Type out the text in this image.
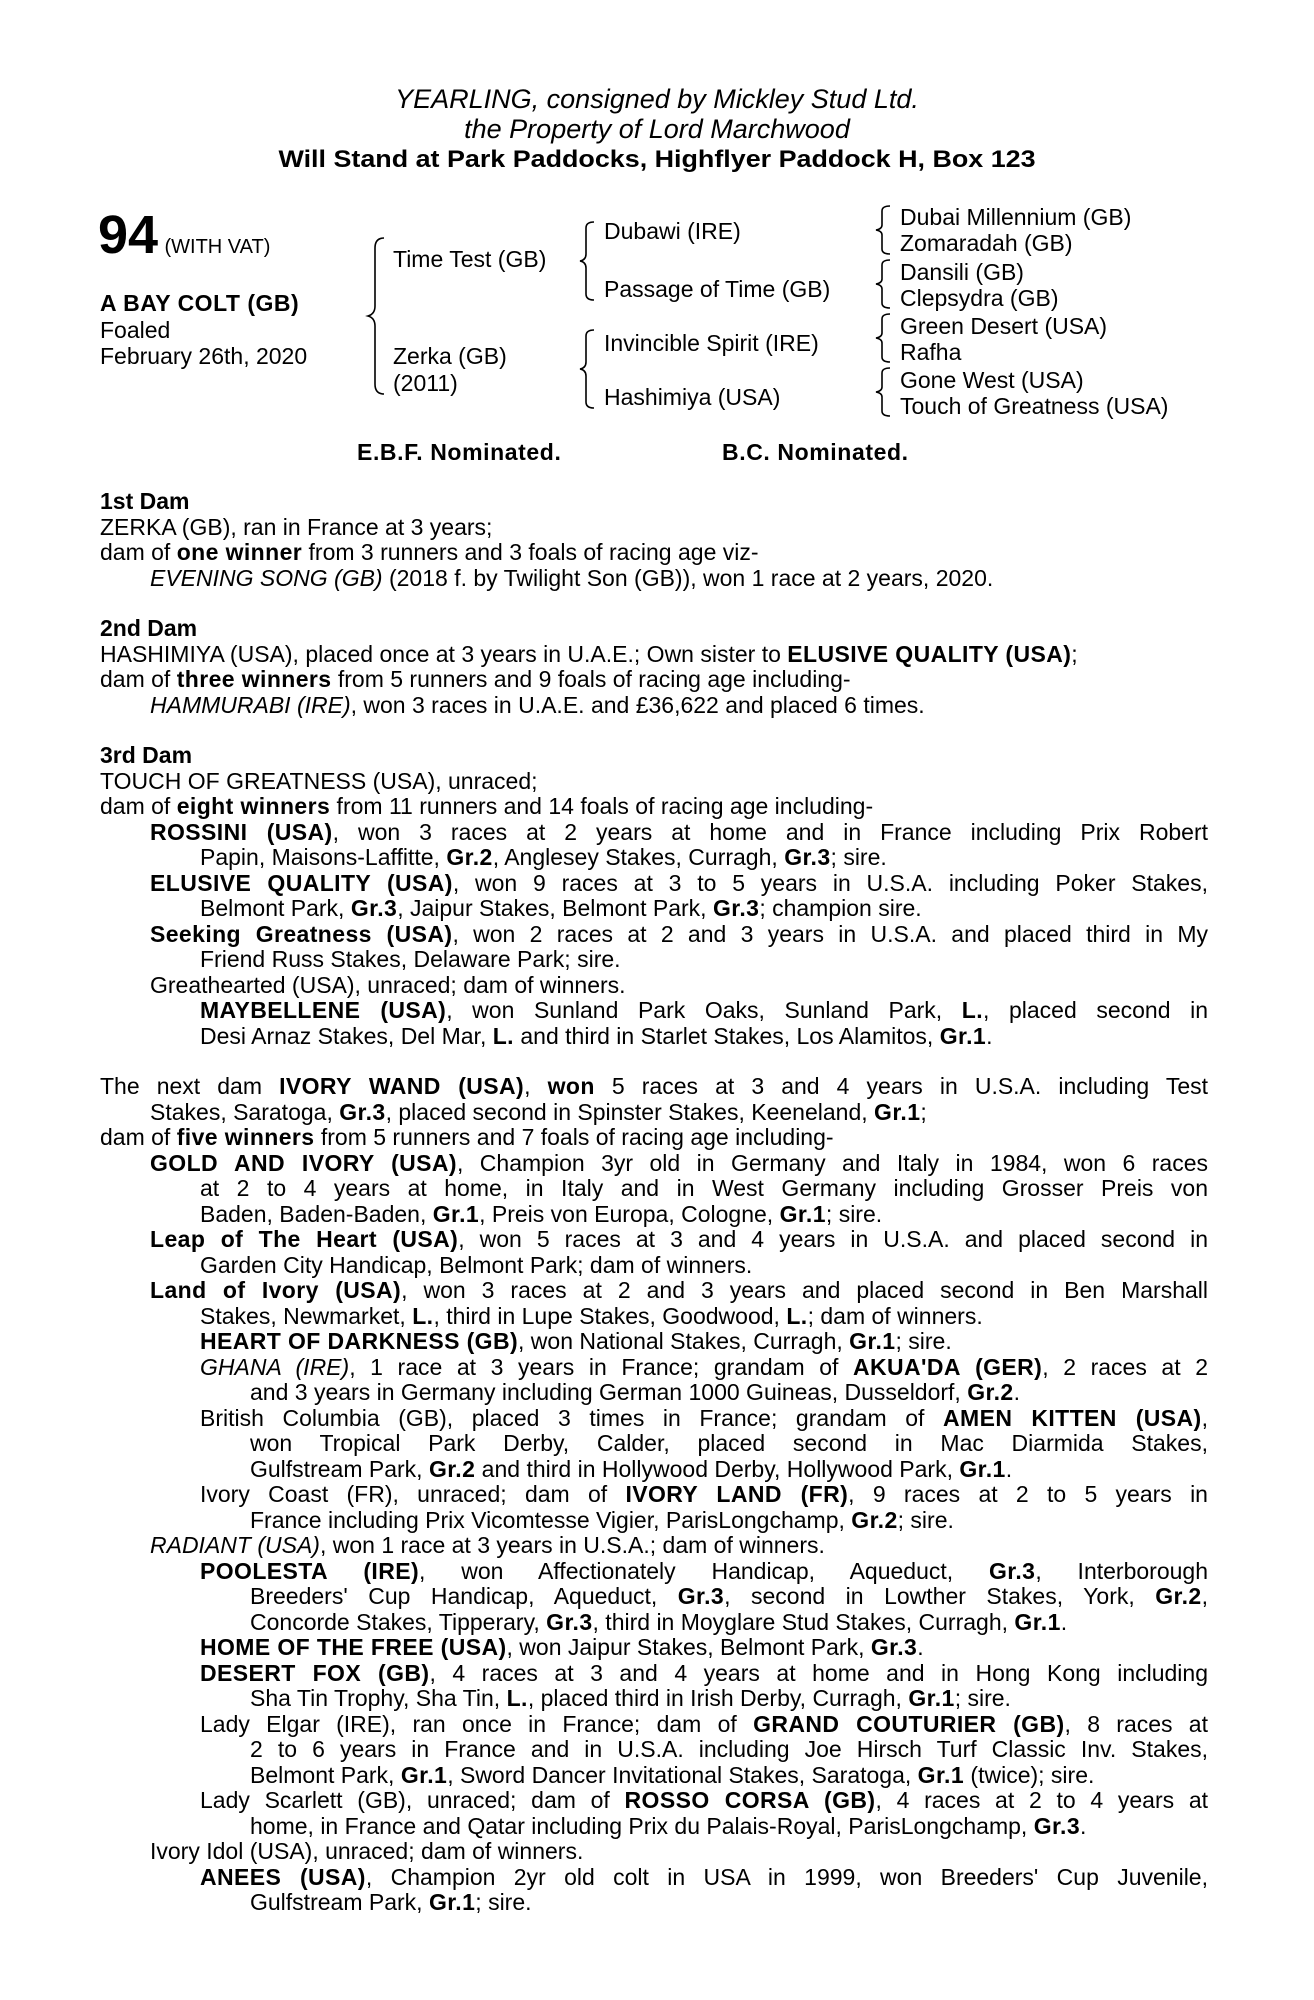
YEARLING, consigned by Mickley Stud Ltd.
the Property of Lord Marchwood
Will Stand at Park Paddocks, Highflyer Paddock H, Box 123
94 (WITH VAT)
A BAY COLT (GB)
Foaled
February 26th, 2020
Time Test (GB)
Zerka (GB)
(2011)
Dubawi (IRE)
Passage of Time (GB)
Invincible Spirit (IRE)
Hashimiya (USA)
Dubai Millennium (GB)
Zomaradah (GB)
Dansili (GB)
Clepsydra (GB)
Green Desert (USA)
Rafha
Gone West (USA)
Touch of Greatness (USA)
E.B.F. Nominated.	B.C. Nominated.
1st Dam
ZERKA (GB), ran in France at 3 years;
dam of one winner from 3 runners and 3 foals of racing age viz-
EVENING SONG (GB) (2018 f. by Twilight Son (GB)), won 1 race at 2 years, 2020.
2nd Dam
HASHIMIYA (USA), placed once at 3 years in U.A.E.; Own sister to ELUSIVE QUALITY (USA);
dam of three winners from 5 runners and 9 foals of racing age including-
HAMMURABI (IRE), won 3 races in U.A.E. and £36,622 and placed 6 times.
3rd Dam
TOUCH OF GREATNESS (USA), unraced;
dam of eight winners from 11 runners and 14 foals of racing age including-
ROSSINI (USA), won 3 races at 2 years at home and in France including Prix Robert
Papin, Maisons-Laffitte, Gr.2, Anglesey Stakes, Curragh, Gr.3; sire.
ELUSIVE QUALITY (USA), won 9 races at 3 to 5 years in U.S.A. including Poker Stakes,
Belmont Park, Gr.3, Jaipur Stakes, Belmont Park, Gr.3; champion sire.
Seeking Greatness (USA), won 2 races at 2 and 3 years in U.S.A. and placed third in My
Friend Russ Stakes, Delaware Park; sire.
Greathearted (USA), unraced; dam of winners.
MAYBELLENE (USA), won Sunland Park Oaks, Sunland Park, L., placed second in
Desi Arnaz Stakes, Del Mar, L. and third in Starlet Stakes, Los Alamitos, Gr.1.
The next dam IVORY WAND (USA), won 5 races at 3 and 4 years in U.S.A. including Test
Stakes, Saratoga, Gr.3, placed second in Spinster Stakes, Keeneland, Gr.1;
dam of five winners from 5 runners and 7 foals of racing age including-
GOLD AND IVORY (USA), Champion 3yr old in Germany and Italy in 1984, won 6 races
at 2 to 4 years at home, in Italy and in West Germany including Grosser Preis von
Baden, Baden-Baden, Gr.1, Preis von Europa, Cologne, Gr.1; sire.
Leap of The Heart (USA), won 5 races at 3 and 4 years in U.S.A. and placed second in
Garden City Handicap, Belmont Park; dam of winners.
Land of Ivory (USA), won 3 races at 2 and 3 years and placed second in Ben Marshall
Stakes, Newmarket, L., third in Lupe Stakes, Goodwood, L.; dam of winners.
HEART OF DARKNESS (GB), won National Stakes, Curragh, Gr.1; sire.
GHANA (IRE), 1 race at 3 years in France; grandam of AKUA'DA (GER), 2 races at 2
and 3 years in Germany including German 1000 Guineas, Dusseldorf, Gr.2.
British Columbia (GB), placed 3 times in France; grandam of AMEN KITTEN (USA),
won Tropical Park Derby, Calder, placed second in Mac Diarmida Stakes,
Gulfstream Park, Gr.2 and third in Hollywood Derby, Hollywood Park, Gr.1.
Ivory Coast (FR), unraced; dam of IVORY LAND (FR), 9 races at 2 to 5 years in
France including Prix Vicomtesse Vigier, ParisLongchamp, Gr.2; sire.
RADIANT (USA), won 1 race at 3 years in U.S.A.; dam of winners.
POOLESTA (IRE), won Affectionately Handicap, Aqueduct, Gr.3, Interborough
Breeders' Cup Handicap, Aqueduct, Gr.3, second in Lowther Stakes, York, Gr.2,
Concorde Stakes, Tipperary, Gr.3, third in Moyglare Stud Stakes, Curragh, Gr.1.
HOME OF THE FREE (USA), won Jaipur Stakes, Belmont Park, Gr.3.
DESERT FOX (GB), 4 races at 3 and 4 years at home and in Hong Kong including
Sha Tin Trophy, Sha Tin, L., placed third in Irish Derby, Curragh, Gr.1; sire.
Lady Elgar (IRE), ran once in France; dam of GRAND COUTURIER (GB), 8 races at
2 to 6 years in France and in U.S.A. including Joe Hirsch Turf Classic Inv. Stakes,
Belmont Park, Gr.1, Sword Dancer Invitational Stakes, Saratoga, Gr.1 (twice); sire.
Lady Scarlett (GB), unraced; dam of ROSSO CORSA (GB), 4 races at 2 to 4 years at
home, in France and Qatar including Prix du Palais-Royal, ParisLongchamp, Gr.3.
Ivory Idol (USA), unraced; dam of winners.
ANEES (USA), Champion 2yr old colt in USA in 1999, won Breeders' Cup Juvenile,
Gulfstream Park, Gr.1; sire.
